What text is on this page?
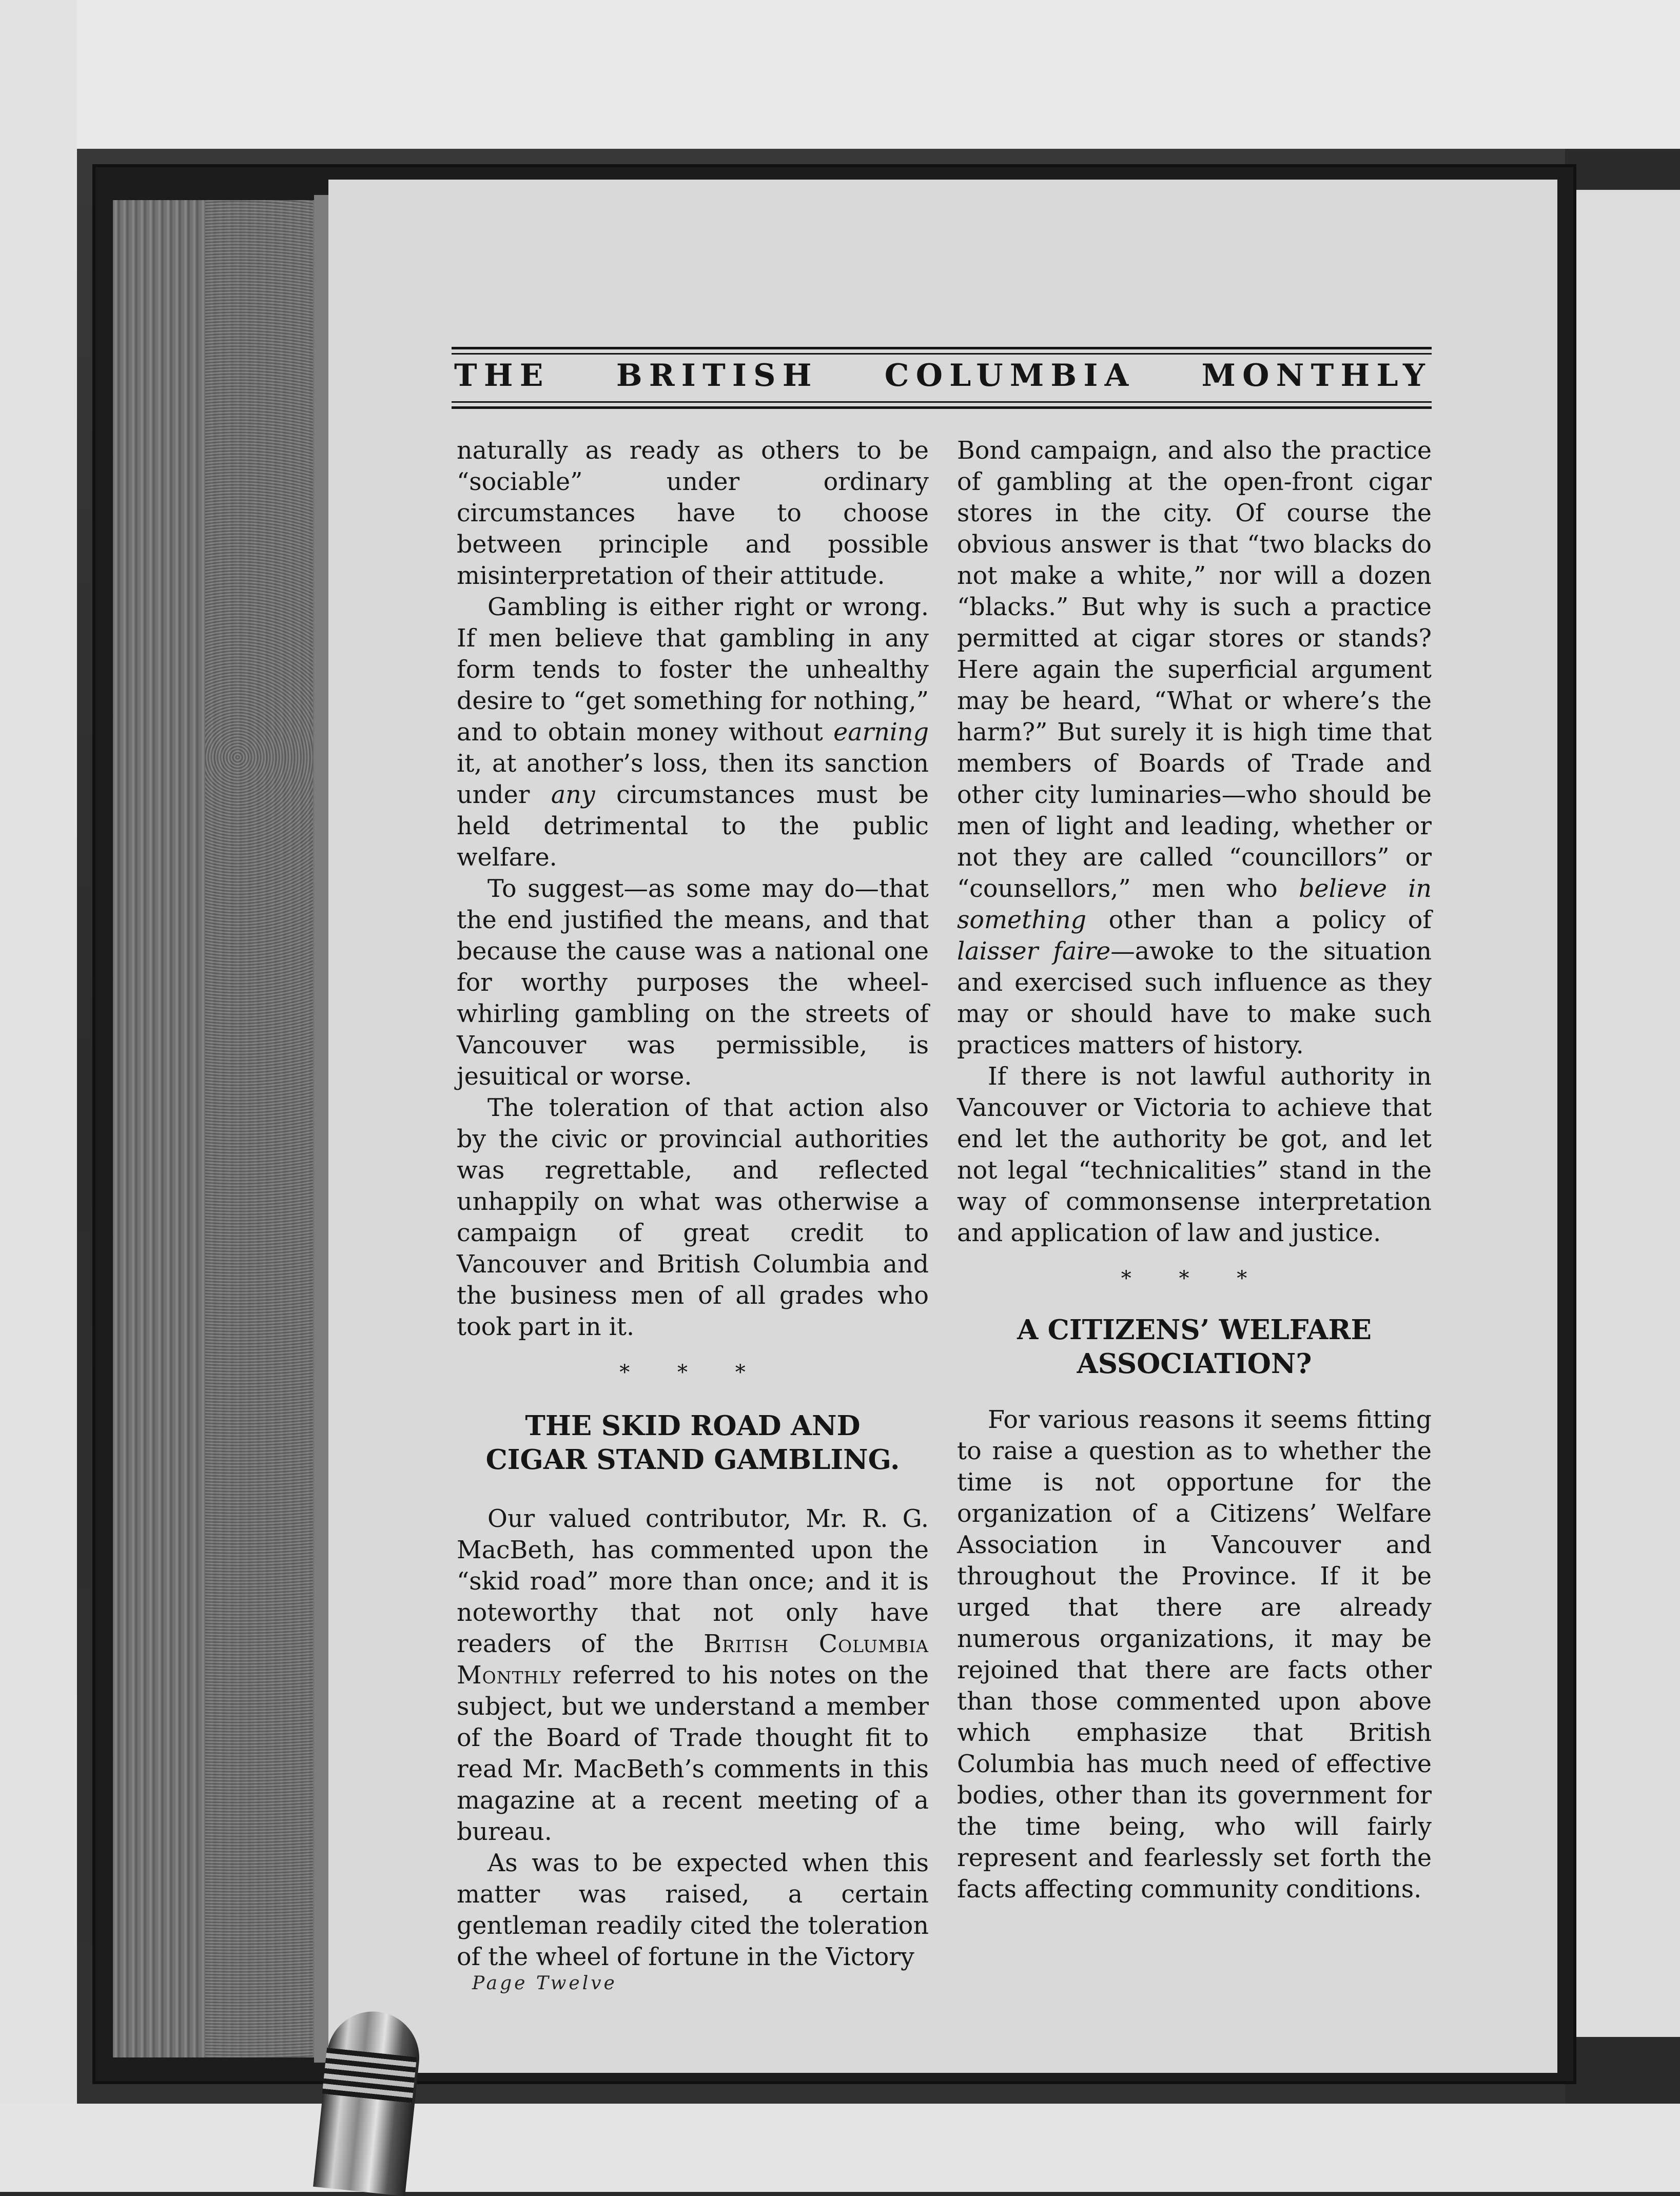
THE BRITISH COLUMBIA MONTHLY

naturally as ready as others to be “sociable” under ordinary circumstances have to choose between principle and possible misinterpretation of their attitude.

Gambling is either right or wrong. If men believe that gambling in any form tends to foster the unhealthy desire to “get something for nothing,” and to obtain money without earning it, at another’s loss, then its sanction under any circumstances must be held detrimental to the public welfare.

To suggest—as some may do—that the end justified the means, and that because the cause was a national one for worthy purposes the wheel-whirling gambling on the streets of Vancouver was permissible, is jesuitical or worse.

The toleration of that action also by the civic or provincial authorities was regrettable, and reflected unhappily on what was otherwise a campaign of great credit to Vancouver and British Columbia and the business men of all grades who took part in it.

* * *
THE SKID ROAD AND CIGAR STAND GAMBLING.

Our valued contributor, Mr. R. G. MacBeth, has commented upon the “skid road” more than once; and it is noteworthy that not only have readers of the British Columbia Monthly referred to his notes on the subject, but we understand a member of the Board of Trade thought fit to read Mr. MacBeth’s comments in this magazine at a recent meeting of a bureau.

As was to be expected when this matter was raised, a certain gentleman readily cited the toleration of the wheel of fortune in the Victory

Bond campaign, and also the practice of gambling at the open-front cigar stores in the city. Of course the obvious answer is that “two blacks do not make a white,” nor will a dozen “blacks.” But why is such a practice permitted at cigar stores or stands? Here again the superficial argument may be heard, “What or where’s the harm?” But surely it is high time that members of Boards of Trade and other city luminaries—who should be men of light and leading, whether or not they are called “councillors” or “counsellors,” men who believe in something other than a policy of laisser faire—awoke to the situation and exercised such influence as they may or should have to make such practices matters of history.

If there is not lawful authority in Vancouver or Victoria to achieve that end let the authority be got, and let not legal “technicalities” stand in the way of commonsense interpretation and application of law and justice.

* * *
A CITIZENS’ WELFARE ASSOCIATION?

For various reasons it seems fitting to raise a question as to whether the time is not opportune for the organization of a Citizens’ Welfare Association in Vancouver and throughout the Province. If it be urged that there are already numerous organizations, it may be rejoined that there are facts other than those commented upon above which emphasize that British Columbia has much need of effective bodies, other than its government for the time being, who will fairly represent and fearlessly set forth the facts affecting community conditions.

Page Twelve
